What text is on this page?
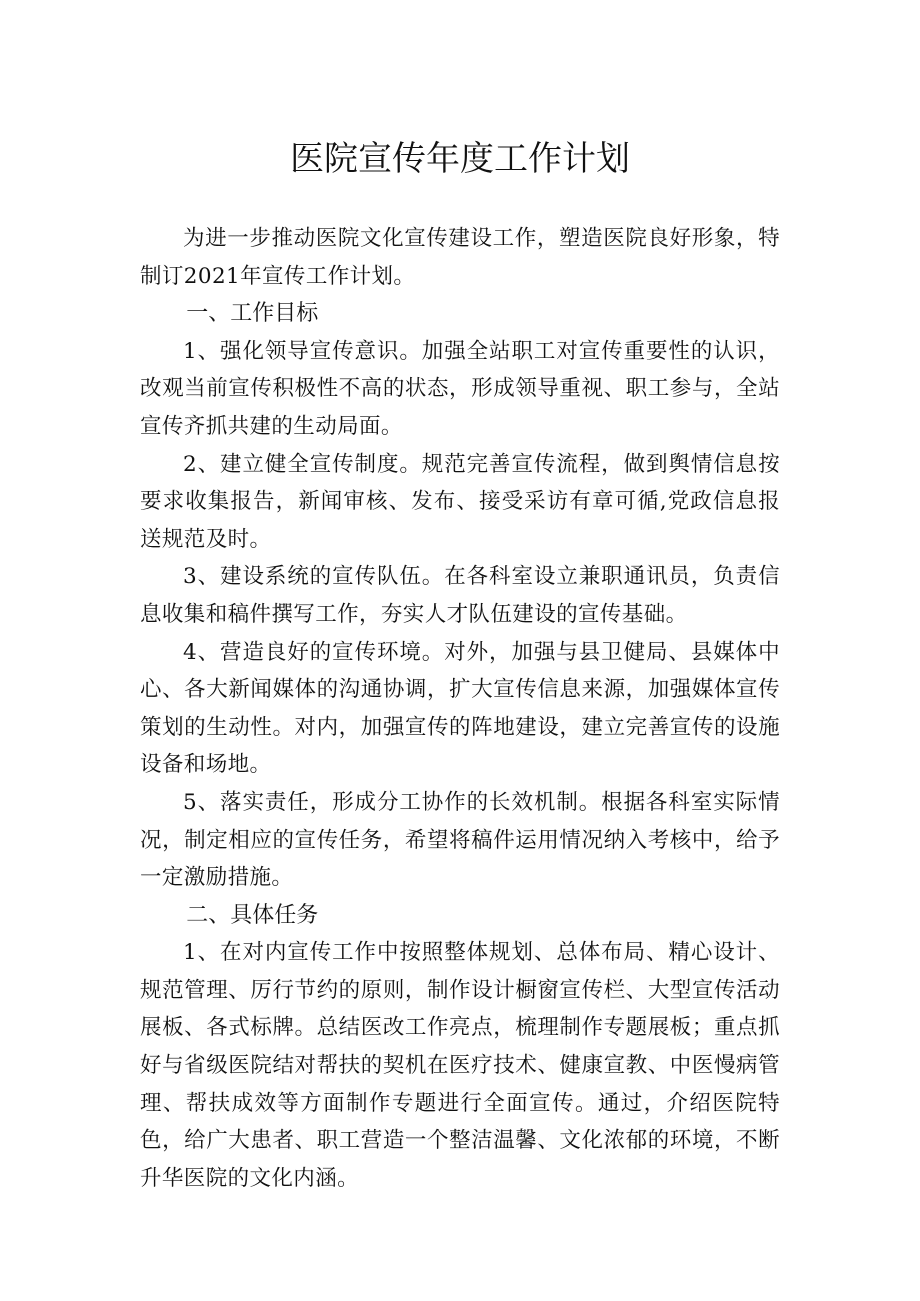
医院宣传年度工作计划

为进一步推动医院文化宣传建设工作，塑造医院良好形象，特制订2021年宣传工作计划。

一、工作目标

1、强化领导宣传意识。加强全站职工对宣传重要性的认识，改观当前宣传积极性不高的状态，形成领导重视、职工参与，全站宣传齐抓共建的生动局面。

2、建立健全宣传制度。规范完善宣传流程，做到舆情信息按要求收集报告，新闻审核、发布、接受采访有章可循,党政信息报送规范及时。

3、建设系统的宣传队伍。在各科室设立兼职通讯员，负责信息收集和稿件撰写工作，夯实人才队伍建设的宣传基础。

4、营造良好的宣传环境。对外，加强与县卫健局、县媒体中心、各大新闻媒体的沟通协调，扩大宣传信息来源，加强媒体宣传策划的生动性。对内，加强宣传的阵地建设，建立完善宣传的设施设备和场地。

5、落实责任，形成分工协作的长效机制。根据各科室实际情况，制定相应的宣传任务，希望将稿件运用情况纳入考核中，给予一定激励措施。

二、具体任务

1、在对内宣传工作中按照整体规划、总体布局、精心设计、规范管理、厉行节约的原则，制作设计橱窗宣传栏、大型宣传活动展板、各式标牌。总结医改工作亮点，梳理制作专题展板；重点抓好与省级医院结对帮扶的契机在医疗技术、健康宣教、中医慢病管理、帮扶成效等方面制作专题进行全面宣传。通过，介绍医院特色，给广大患者、职工营造一个整洁温馨、文化浓郁的环境，不断升华医院的文化内涵。
